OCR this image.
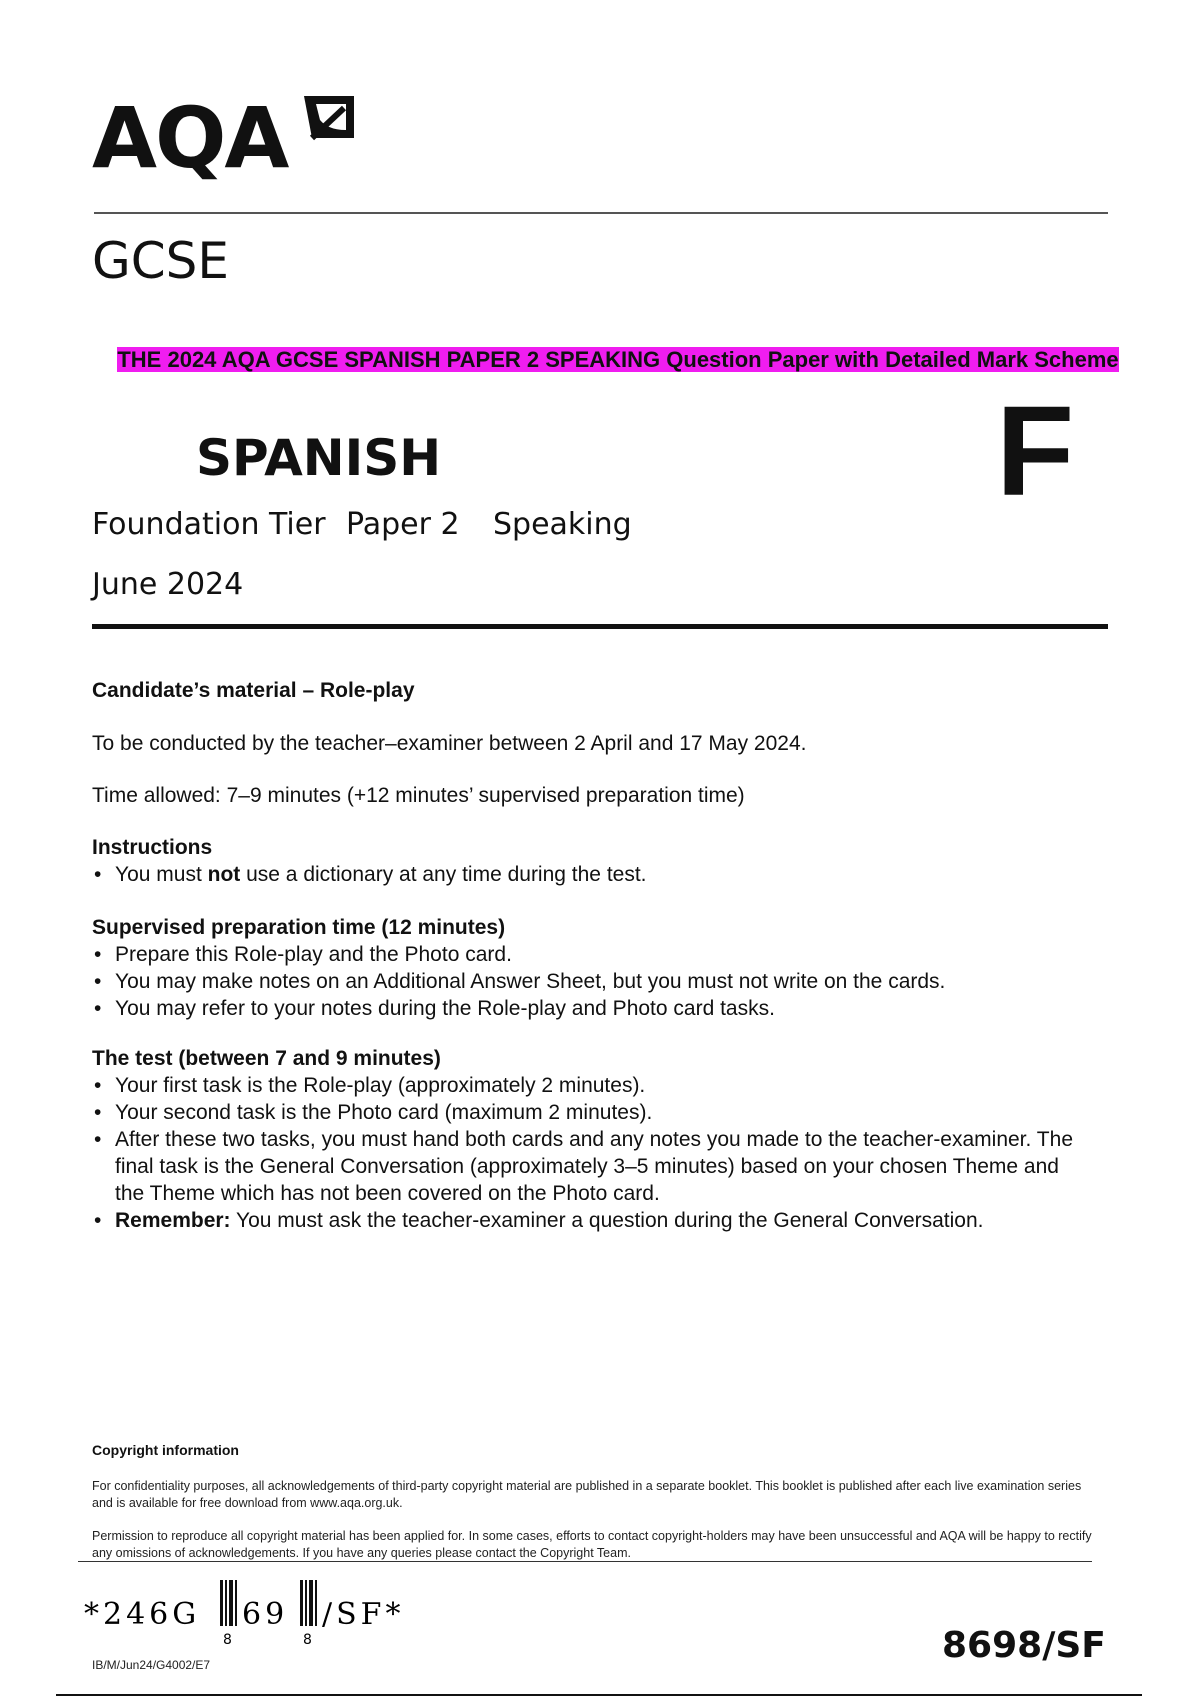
AQA
GCSE
THE 2024 AQA GCSE SPANISH PAPER 2 SPEAKING Question Paper with Detailed Mark Scheme
SPANISH	F
Foundation Tier Paper 2 Speaking
June 2024
Candidate’s material – Role-play
To be conducted by the teacher–examiner between 2 April and 17 May 2024.
Time allowed: 7–9 minutes (+12 minutes’ supervised preparation time)
Instructions
• You must not use a dictionary at any time during the test.
Supervised preparation time (12 minutes)
• Prepare this Role-play and the Photo card.
• You may make notes on an Additional Answer Sheet, but you must not write on the cards.
• You may refer to your notes during the Role-play and Photo card tasks.
The test (between 7 and 9 minutes)
• Your first task is the Role-play (approximately 2 minutes).
• Your second task is the Photo card (maximum 2 minutes).
• After these two tasks, you must hand both cards and any notes you made to the teacher-examiner. The final task is the General Conversation (approximately 3–5 minutes) based on your chosen Theme and the Theme which has not been covered on the Photo card.
• Remember: You must ask the teacher-examiner a question during the General Conversation.
Copyright information
For confidentiality purposes, all acknowledgements of third-party copyright material are published in a separate booklet. This booklet is published after each live examination series and is available for free download from www.aqa.org.uk.
Permission to reproduce all copyright material has been applied for. In some cases, efforts to contact copyright-holders may have been unsuccessful and AQA will be happy to rectify any omissions of acknowledgements. If you have any queries please contact the Copyright Team.
*246G
8
69
8
/SF*
IB/M/Jun24/G4002/E7	8698/SF
